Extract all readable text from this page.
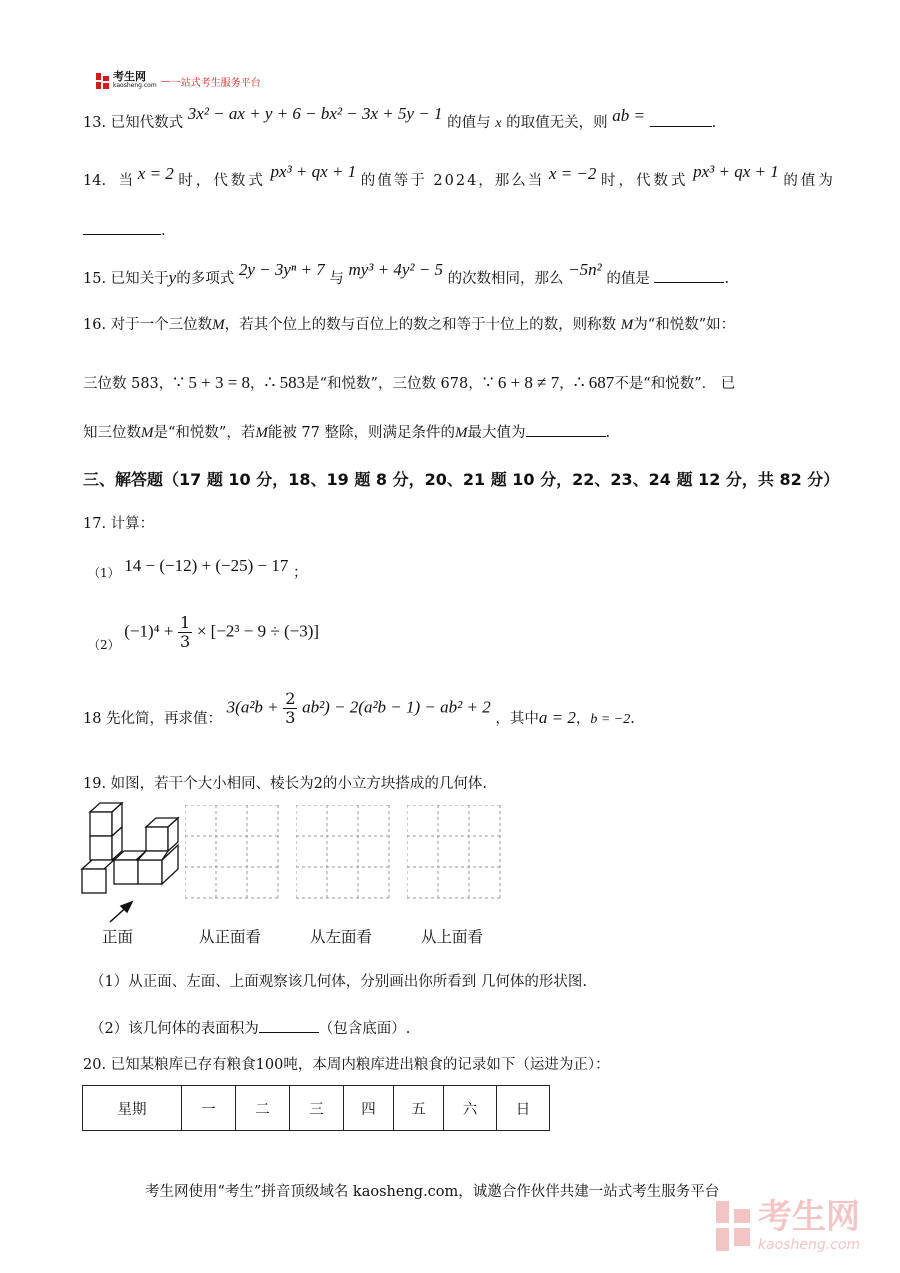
考生网
kaosheng.com — 一站式考生服务平台
13. 已知代数式 3x² − ax + y + 6 − bx² − 3x + 5y − 1 的值与 x 的取值无关，则 ab =	.
14. 当 x = 2 时，代数式 px³ + qx + 1 的值等于 2024，那么当 x = −2 时，代数式 px³ + qx + 1 的值为
.
15. 已知关于y的多项式 2y − 3yⁿ + 7 与 my³ + 4y² − 5 的次数相同，那么 −5n² 的值是	.
16. 对于一个三位数M，若其个位上的数与百位上的数之和等于十位上的数，则称数 M为“和悦数”如：
三位数 583，∵ 5 + 3 = 8，∴ 583是“和悦数”，三位数 678，∵ 6 + 8 ≠ 7，∴ 687不是“和悦数”． 已
知三位数M是“和悦数”，若M能被 77 整除，则满足条件的M最大值为	.
三、解答题（17 题 10 分，18、19 题 8 分，20、21 题 10 分，22、23、24 题 12 分，共 82 分）
17. 计算：
$_{(1)}$ 14 − (−12) + (−25) − 17 ；
$_{(2)}$ $(-1)^4 + \frac{1}{3} \times [-2^3 - 9 \div (-3)]$
18 先化简，再求值： $3(a^2b + \frac{2}{3} ab^2) - 2(a^2b - 1) - ab^2 + 2$ ，其中a = 2，b = −2.
19. 如图，若干个大小相同、棱长为2的小立方块搭成的几何体.
正面	从正面看	从左面看	从上面看
（1）从正面、左面、上面观察该几何体，分别画出你所看到 几何体的形状图.
（2）该几何体的表面积为	（包含底面）.
20. 已知某粮库已存有粮食100吨，本周内粮库进出粮食的记录如下（运进为正）：
星期	一	二	三	四	五	六	日
考生网使用“考生”拼音顶级域名 kaosheng.com，诚邀合作伙伴共建一站式考生服务平台
考生网
kaosheng.com
